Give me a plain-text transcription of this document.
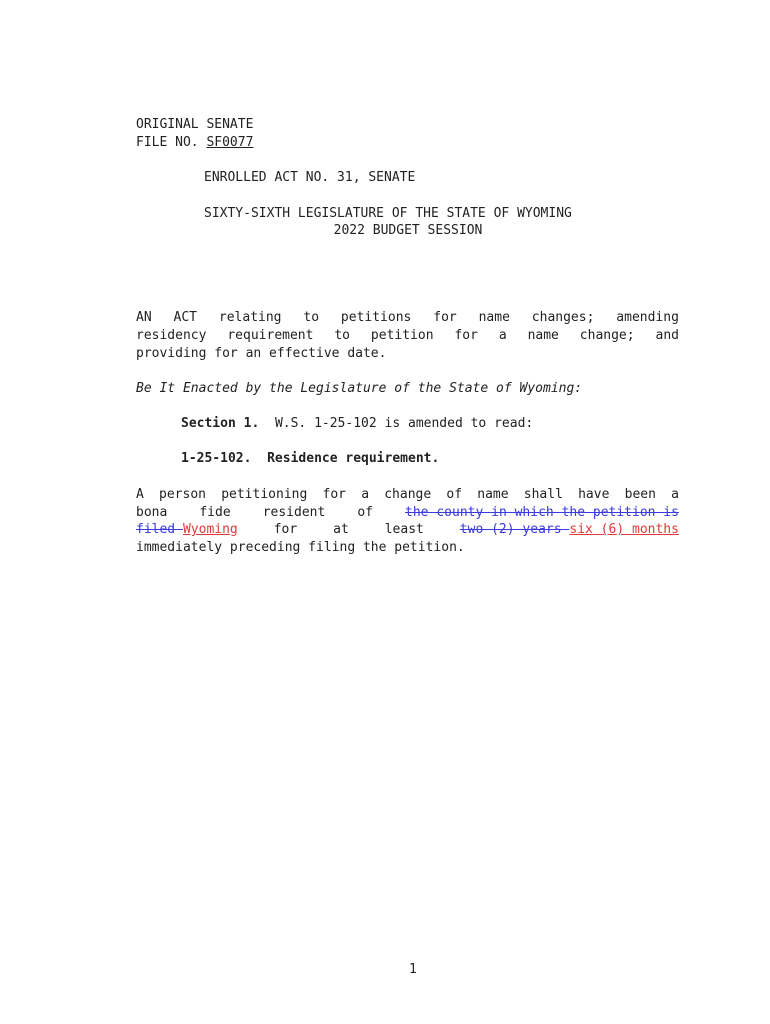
ORIGINAL SENATE
FILE NO. SF0077
ENROLLED ACT NO. 31, SENATE
SIXTY-SIXTH LEGISLATURE OF THE STATE OF WYOMING
2022 BUDGET SESSION
AN ACT relating to petitions for name changes; amending
residency requirement to petition for a name change; and
providing for an effective date.
Be It Enacted by the Legislature of the State of Wyoming:
Section 1. W.S. 1-25-102 is amended to read:
1-25-102. Residence requirement.
A person petitioning for a change of name shall have been a
bona fide resident of the county in which the petition is
filed Wyoming	for	at	least	two (2) years six (6) months
immediately preceding filing the petition.
1
